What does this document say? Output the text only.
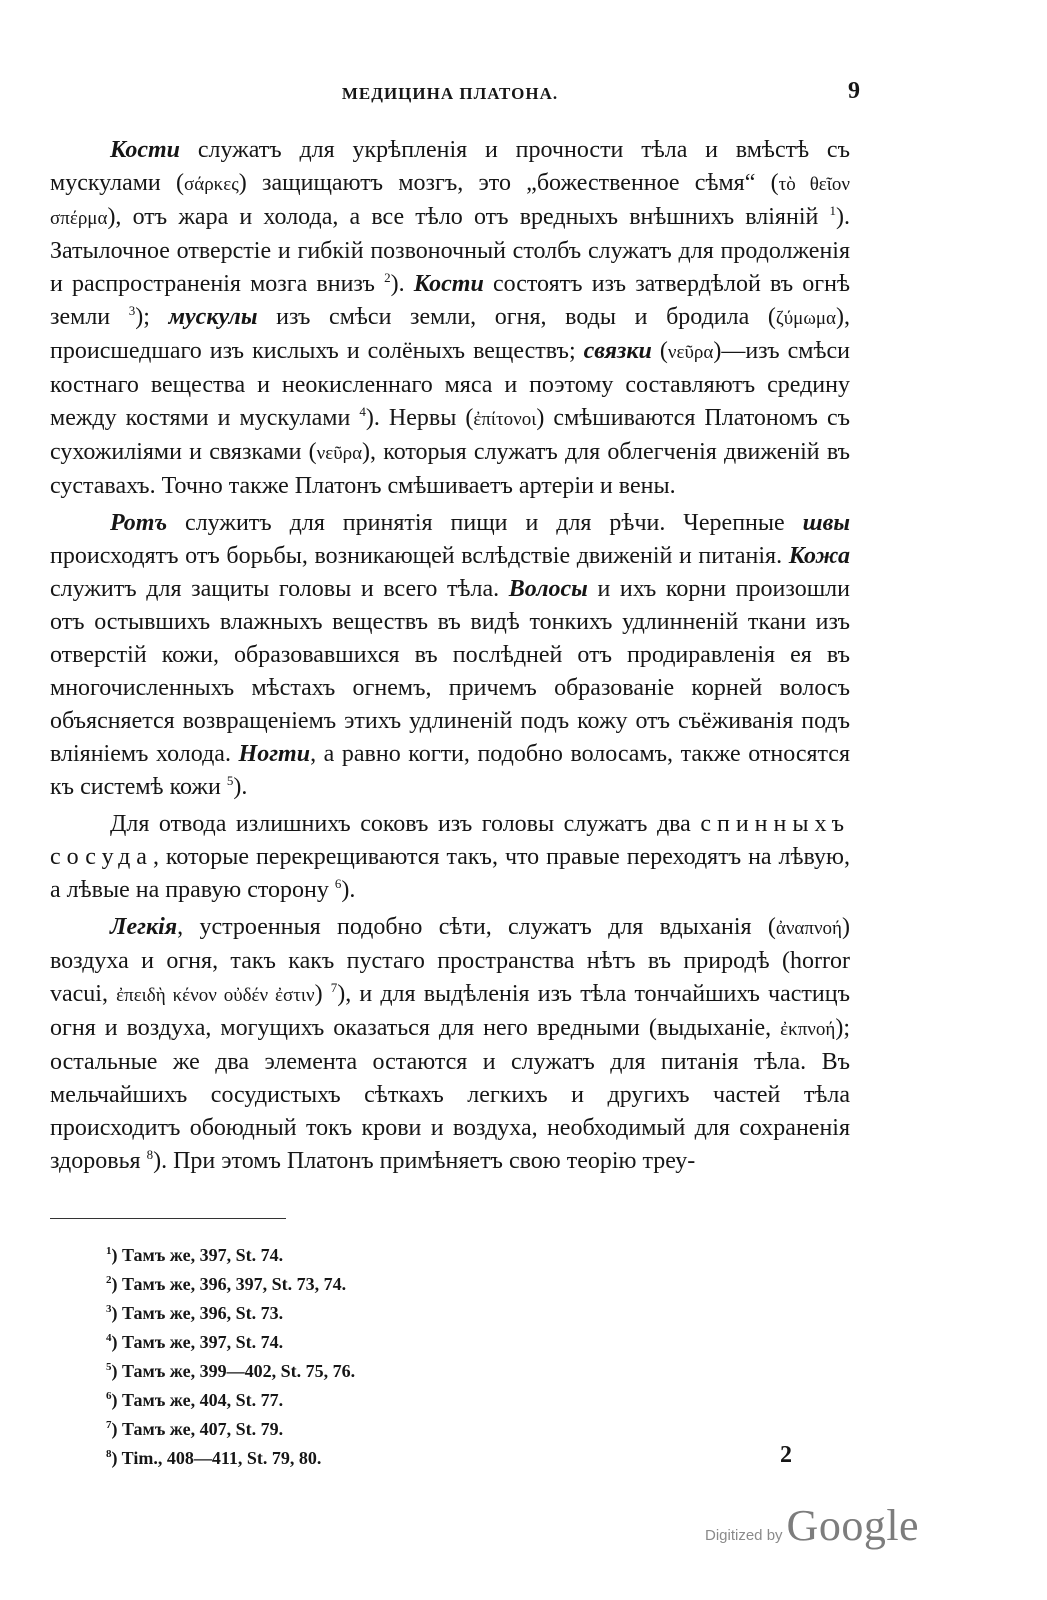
МЕДИЦИНА ПЛАТОНА.	9

Кости служатъ для укрѣпленія и прочности тѣла и вмѣстѣ съ мускулами (σάρκες) защищаютъ мозгъ, это „божественное сѣмя“ (τὸ θεῖον σπέρμα), отъ жара и холода, а все тѣло отъ вредныхъ внѣшнихъ вліяній $^1$). Затылочное отверстіе и гибкій позвоночный столбъ служатъ для продолженія и распространенія мозга внизъ $^2$). Кости состоятъ изъ затвердѣлой въ огнѣ земли $^3$); мускулы изъ смѣси земли, огня, воды и бродила (ζύμωμα), происшедшаго изъ кислыхъ и солёныхъ веществъ; связки (νεῦρα)—изъ смѣси костнаго вещества и неокисленнаго мяса и поэтому составляютъ средину между костями и мускулами $^4$). Нервы (ἐπίτονοι) смѣшиваются Платономъ съ сухожиліями и связками (νεῦρα), которыя служатъ для облегченія движеній въ суставахъ. Точно также Платонъ смѣшиваетъ артеріи и вены.

Ротъ служитъ для принятія пищи и для рѣчи. Черепные швы происходятъ отъ борьбы, возникающей вслѣдствіе движеній и питанія. Кожа служитъ для защиты головы и всего тѣла. Волосы и ихъ корни произошли отъ остывшихъ влажныхъ веществъ въ видѣ тонкихъ удлинненій ткани изъ отверстій кожи, образовавшихся въ послѣдней отъ продиравленія ея въ многочисленныхъ мѣстахъ огнемъ, причемъ образованіе корней волосъ объясняется возвращеніемъ этихъ удлиненій подъ кожу отъ съёживанія подъ вліяніемъ холода. Ногти, а равно когти, подобно волосамъ, также относятся къ системѣ кожи $^5$).

Для отвода излишнихъ соковъ изъ головы служатъ два спинныхъ сосуда, которые перекрещиваются такъ, что правые переходятъ на лѣвую, а лѣвые на правую сторону $^6$).

Легкія, устроенныя подобно сѣти, служатъ для вдыханія (ἀναπνοή) воздуха и огня, такъ какъ пустаго пространства нѣтъ въ природѣ (horror vacui, ἐπειδὴ κένον οὐδέν ἐστιν) $^7$), и для выдѣленія изъ тѣла тончайшихъ частицъ огня и воздуха, могущихъ оказаться для него вредными (выдыханіе, ἐκπνοή); остальные же два элемента остаются и служатъ для питанія тѣла. Въ мельчайшихъ сосудистыхъ сѣткахъ легкихъ и другихъ частей тѣла происходитъ обоюдный токъ крови и воздуха, необходимый для сохраненія здоровья $^8$). При этомъ Платонъ примѣняетъ свою теорію треу-

$^1$) Тамъ же, 397, St. 74.
$^2$) Тамъ же, 396, 397, St. 73, 74.
$^3$) Тамъ же, 396, St. 73.
$^4$) Тамъ же, 397, St. 74.
$^5$) Тамъ же, 399—402, St. 75, 76.
$^6$) Тамъ же, 404, St. 77.
$^7$) Тамъ же, 407, St. 79.
$^8$) Tim., 408—411, St. 79, 80.	2
Digitized by Google
